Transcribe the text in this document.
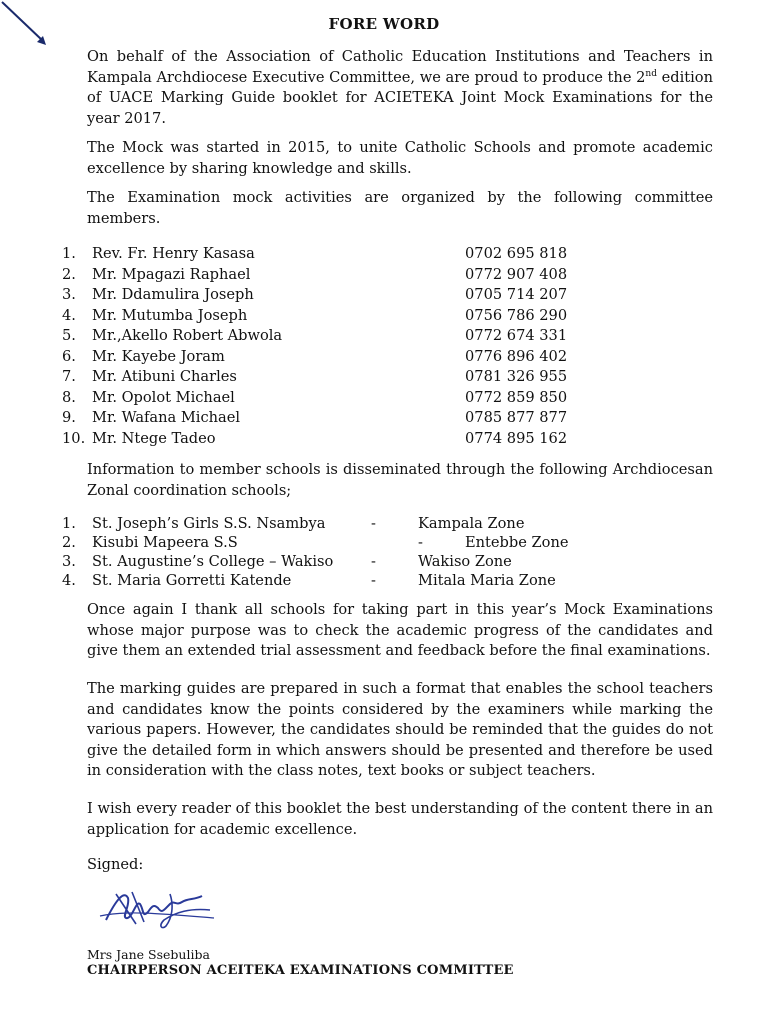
FORE WORD

On behalf of the Association of Catholic Education Institutions and Teachers in Kampala Archdiocese Executive Committee, we are proud to produce the 2nd edition of UACE Marking Guide booklet for ACIETEKA Joint Mock Examinations for the year 2017.

The Mock was started in 2015, to unite Catholic Schools and promote academic excellence by sharing knowledge and skills.

The Examination mock activities are organized by the following committee members.

1. Rev. Fr. Henry Kasasa	0702 695 818
2. Mr. Mpagazi Raphael	0772 907 408
3. Mr. Ddamulira Joseph	0705 714 207
4. Mr. Mutumba Joseph	0756 786 290
5. Mr.,Akello Robert Abwola	0772 674 331
6. Mr. Kayebe Joram	0776 896 402
7. Mr. Atibuni Charles	0781 326 955
8. Mr. Opolot Michael	0772 859 850
9. Mr. Wafana Michael	0785 877 877
10. Mr. Ntege Tadeo	0774 895 162

Information to member schools is disseminated through the following Archdiocesan Zonal coordination schools;

1. St. Joseph’s Girls S.S. Nsambya	-	Kampala Zone
2. Kisubi Mapeera S.S	-	Entebbe Zone
3. St. Augustine’s College – Wakiso	-	Wakiso Zone
4. St. Maria Gorretti Katende	-	Mitala Maria Zone

Once again I thank all schools for taking part in this year’s Mock Examinations whose major purpose was to check the academic progress of the candidates and give them an extended trial assessment and feedback before the final examinations.

The marking guides are prepared in such a format that enables the school teachers and candidates know the points considered by the examiners while marking the various papers. However, the candidates should be reminded that the guides do not give the detailed form in which answers should be presented and therefore be used in consideration with the class notes, text books or subject teachers.

I wish every reader of this booklet the best understanding of the content there in an application for academic excellence.

Signed:
Mrs Jane Ssebuliba
CHAIRPERSON ACEITEKA EXAMINATIONS COMMITTEE
